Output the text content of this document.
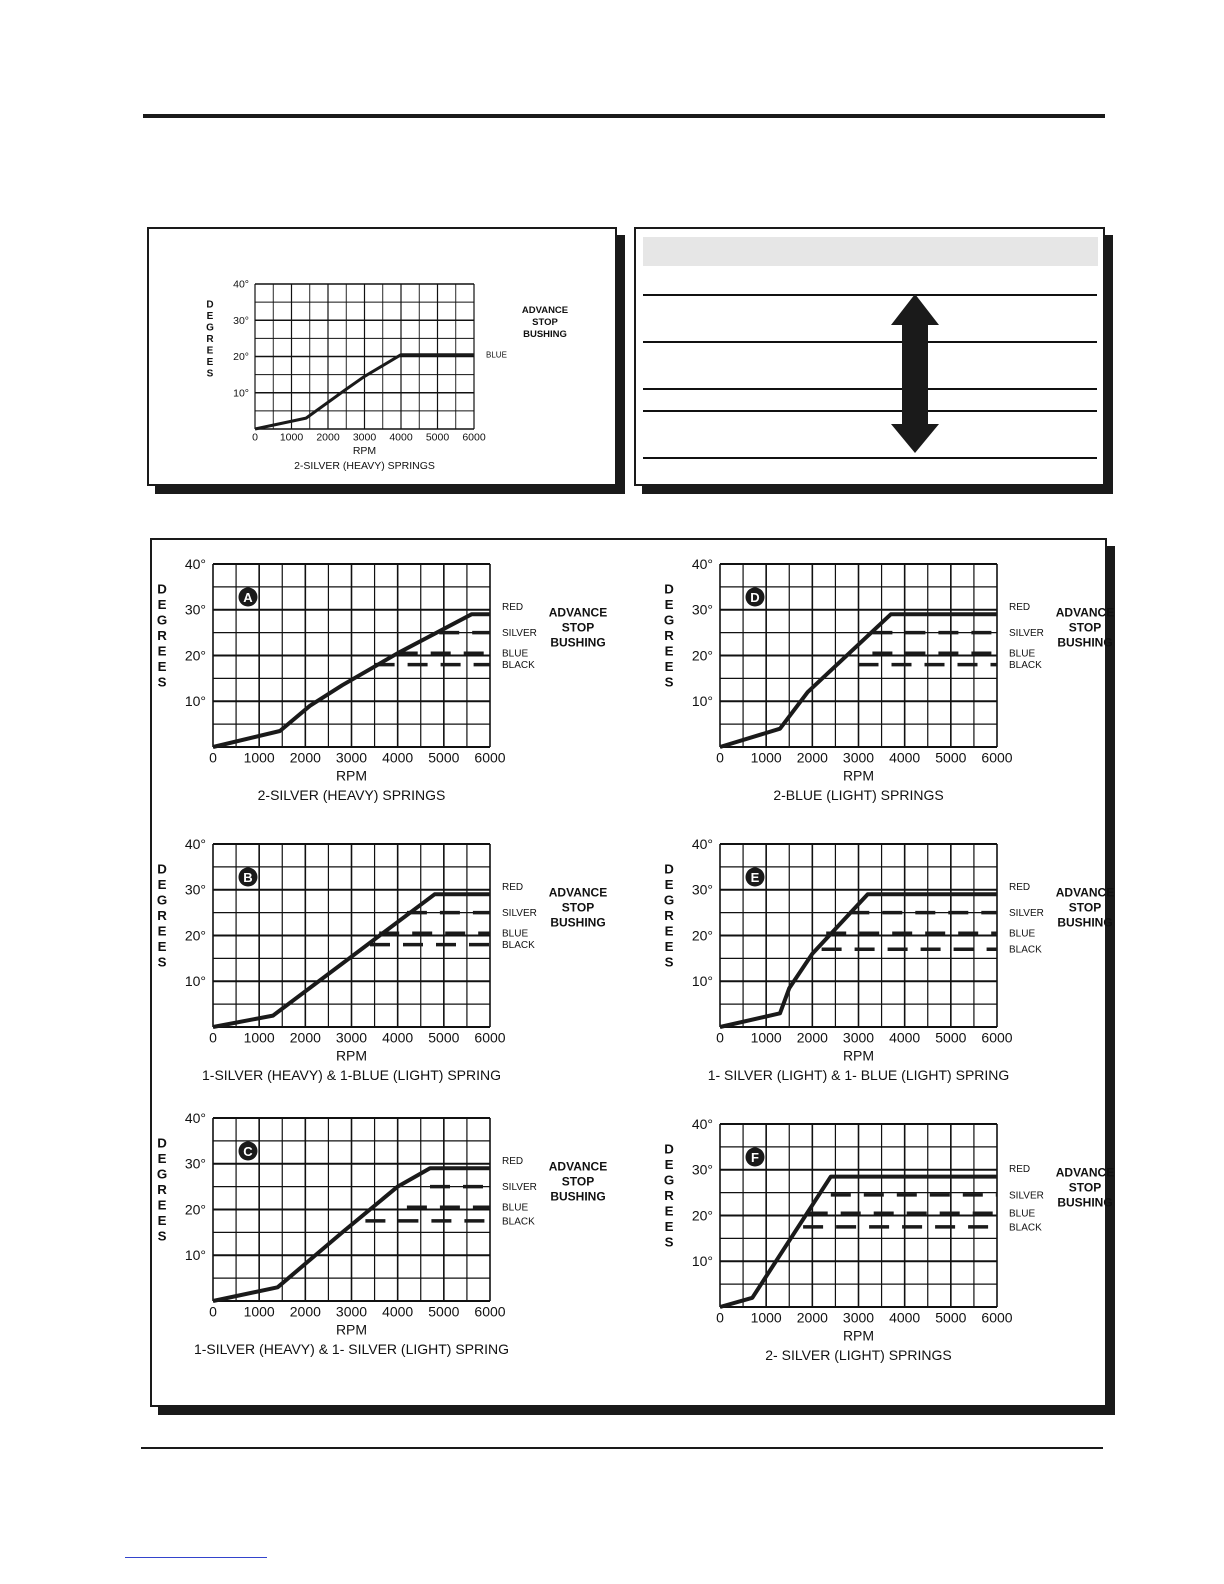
10°
20°
30°
40°
0 1000 2000 3000 4000 5000 6000
D
E
G
R
E
E
S
RPM
2-SILVER (HEAVY) SPRINGS
BLUE
ADVANCE
STOP
BUSHING
10°
20°
30°
40°
0 1000 2000 3000 4000 5000 6000
D
E
G
R
E
E
S
RPM
2-SILVER (HEAVY) SPRINGS
A
RED
SILVER
BLUE
BLACK
ADVANCE
STOP
BUSHING
10°
20°
30°
40°
0 1000 2000 3000 4000 5000 6000
D
E
G
R
E
E
S
RPM
2-BLUE (LIGHT) SPRINGS
D
RED
SILVER
BLUE
BLACK
ADVANCE
STOP
BUSHING
10°
20°
30°
40°
0 1000 2000 3000 4000 5000 6000
D
E
G
R
E
E
S
RPM
1-SILVER (HEAVY) & 1-BLUE (LIGHT) SPRING
B
RED
SILVER
BLUE
BLACK
ADVANCE
STOP
BUSHING
10°
20°
30°
40°
0 1000 2000 3000 4000 5000 6000
D
E
G
R
E
E
S
RPM
1- SILVER (LIGHT) & 1- BLUE (LIGHT) SPRING
E
RED
SILVER
BLUE
BLACK
ADVANCE
STOP
BUSHING
10°
20°
30°
40°
0 1000 2000 3000 4000 5000 6000
D
E
G
R
E
E
S
RPM
1-SILVER (HEAVY) & 1- SILVER (LIGHT) SPRING
C
RED
SILVER
BLUE
BLACK
ADVANCE
STOP
BUSHING
10°
20°
30°
40°
0 1000 2000 3000 4000 5000 6000
D
E
G
R
E
E
S
RPM
2- SILVER (LIGHT) SPRINGS
F
RED
SILVER
BLUE
BLACK
ADVANCE
STOP
BUSHING
